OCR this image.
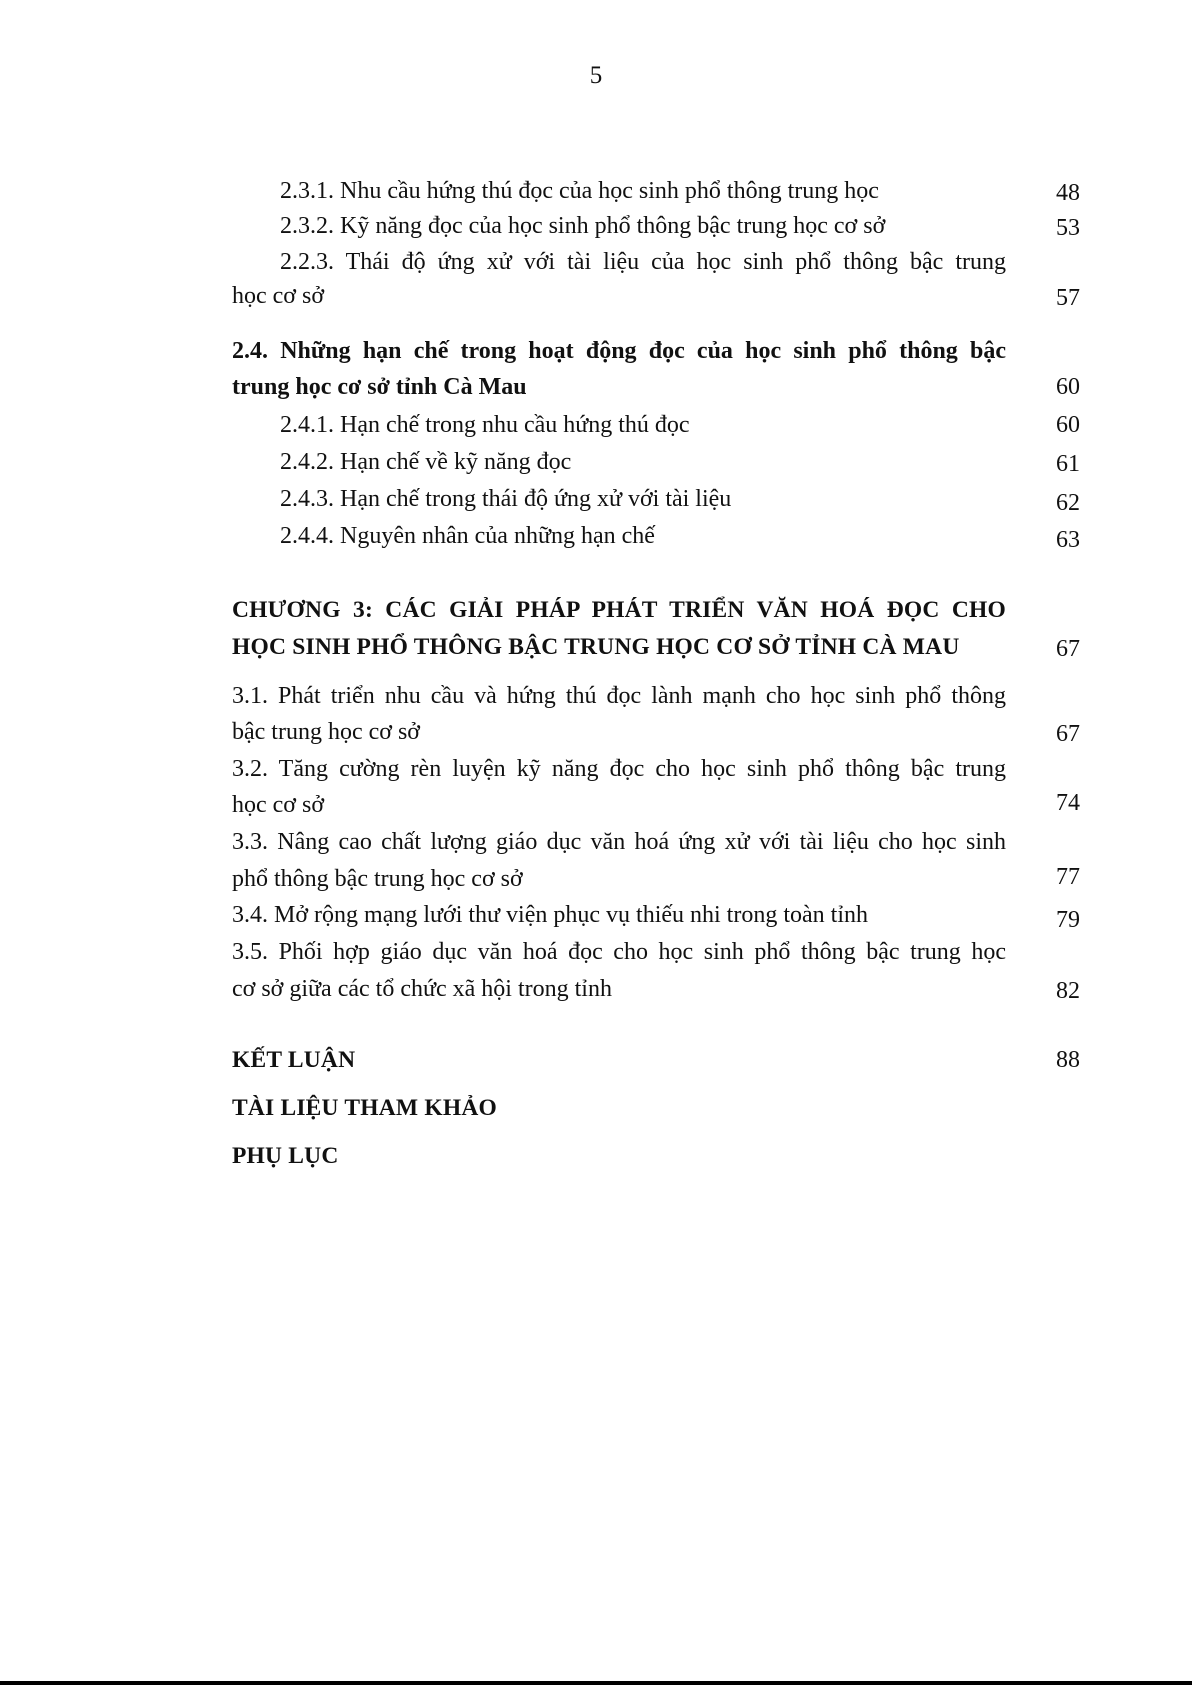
5
2.3.1. Nhu cầu hứng thú đọc của học sinh phổ thông trung học	48
2.3.2. Kỹ năng đọc của học sinh phổ thông bậc trung học cơ sở	53
2.2.3. Thái độ ứng xử với tài liệu của học sinh phổ thông bậc trung
học cơ sở	57
2.4. Những hạn chế trong hoạt động đọc của học sinh phổ thông bậc
trung học cơ sở tỉnh Cà Mau	60
2.4.1. Hạn chế trong nhu cầu hứng thú đọc	60
2.4.2. Hạn chế về kỹ năng đọc	61
2.4.3. Hạn chế trong thái độ ứng xử với tài liệu	62
2.4.4. Nguyên nhân của những hạn chế	63
CHƯƠNG 3: CÁC GIẢI PHÁP PHÁT TRIỂN VĂN HOÁ ĐỌC CHO
HỌC SINH PHỔ THÔNG BẬC TRUNG HỌC CƠ SỞ TỈNH CÀ MAU	67
3.1. Phát triển nhu cầu và hứng thú đọc lành mạnh cho học sinh phổ thông
bậc trung học cơ sở	67
3.2. Tăng cường rèn luyện kỹ năng đọc cho học sinh phổ thông bậc trung
học cơ sở	74
3.3. Nâng cao chất lượng giáo dục văn hoá ứng xử với tài liệu cho học sinh
phổ thông bậc trung học cơ sở	77
3.4. Mở rộng mạng lưới thư viện phục vụ thiếu nhi trong toàn tỉnh	79
3.5. Phối hợp giáo dục văn hoá đọc cho học sinh phổ thông bậc trung học
cơ sở giữa các tổ chức xã hội trong tỉnh	82
KẾT LUẬN	88
TÀI LIỆU THAM KHẢO
PHỤ LỤC
